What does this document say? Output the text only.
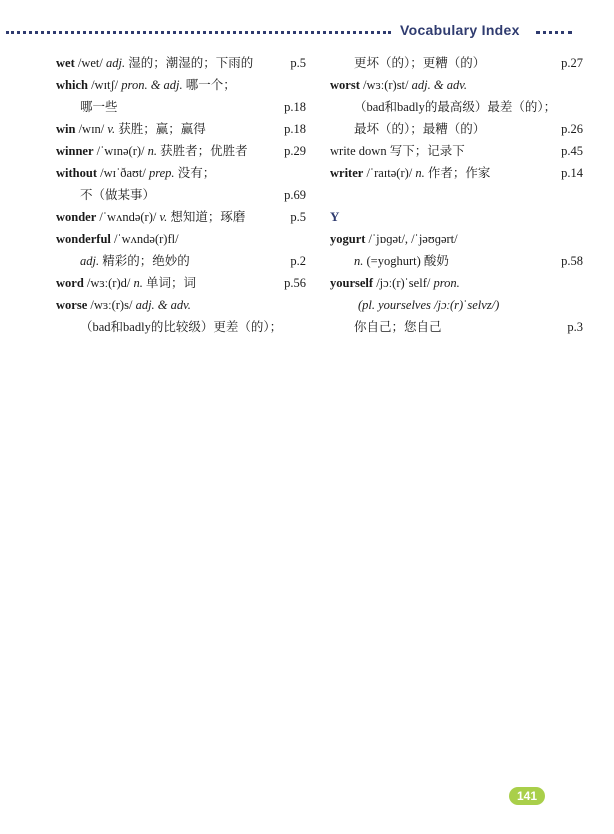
Vocabulary Index
wet /wet/ adj. 湿的；潮湿的；下雨的	p.5
which /wɪtʃ/ pron. & adj. 哪一个；
哪一些	p.18
win /wɪn/ v. 获胜；赢；赢得	p.18
winner /ˈwɪnə(r)/ n. 获胜者；优胜者	p.29
without /wɪˈðaʊt/ prep. 没有；
不（做某事）	p.69
wonder /ˈwʌndə(r)/ v. 想知道；琢磨	p.5
wonderful /ˈwʌndə(r)fl/
adj. 精彩的；绝妙的	p.2
word /wɜː(r)d/ n. 单词；词	p.56
worse /wɜː(r)s/ adj. & adv.
（bad和badly的比较级）更差（的）；
更坏（的）；更糟（的）	p.27
worst /wɜː(r)st/ adj. & adv.
（bad和badly的最高级）最差（的）；
最坏（的）；最糟（的）	p.26
write down 写下；记录下	p.45
writer /ˈraɪtə(r)/ n. 作者；作家	p.14
Y
yogurt /ˈjɒɡət/, /ˈjəʊɡərt/
n. (=yoghurt) 酸奶	p.58
yourself /jɔː(r)ˈself/ pron.
(pl. yourselves /jɔː(r)ˈselvz/)
你自己；您自己	p.3
141
